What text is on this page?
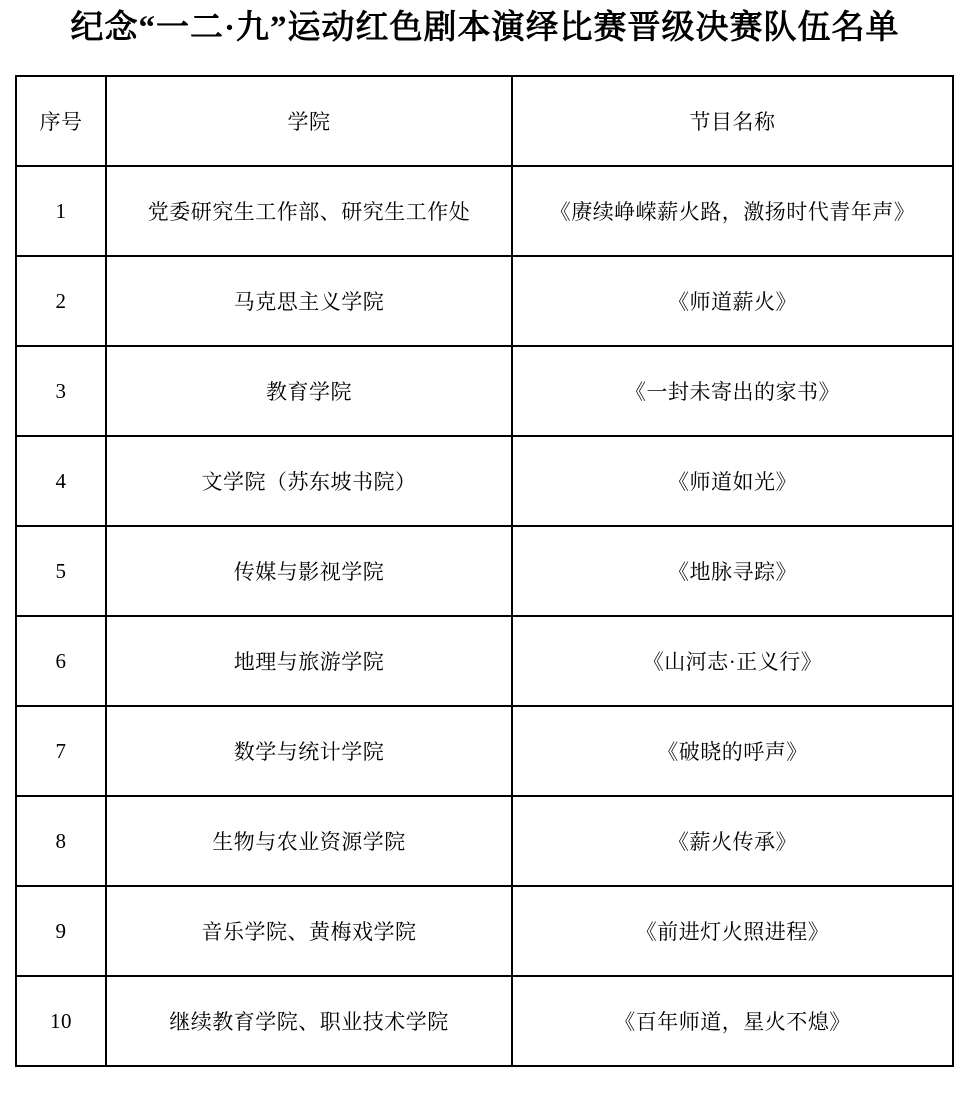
纪念“一二·九”运动红色剧本演绎比赛晋级决赛队伍名单
序号	学院	节目名称
1	党委研究生工作部、研究生工作处	《赓续峥嵘薪火路，激扬时代青年声》
2	马克思主义学院	《师道薪火》
3	教育学院	《一封未寄出的家书》
4	文学院（苏东坡书院）	《师道如光》
5	传媒与影视学院	《地脉寻踪》
6	地理与旅游学院	《山河志·正义行》
7	数学与统计学院	《破晓的呼声》
8	生物与农业资源学院	《薪火传承》
9	音乐学院、黄梅戏学院	《前进灯火照进程》
10	继续教育学院、职业技术学院	《百年师道，星火不熄》
